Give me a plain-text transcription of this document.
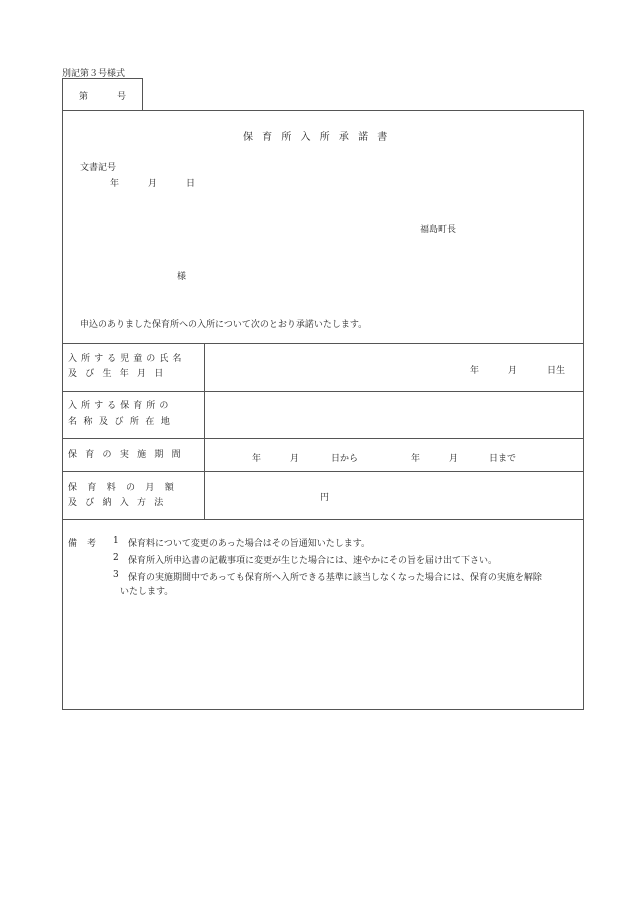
別記第３号様式
第	号
保 育 所 入 所 承 諾 書
文書記号
年	月	日
福島町長
様
申込のありました保育所への入所について次のとおり承諾いたします。
入所する児童の氏名
及 び 生 年 月 日	年	月	日生
入所する保育所の
名称及び所在地
保育の実施期間	年	月	日から	年	月	日まで
保育料の月額
及 び 納 入 方 法	円
備 考 1 保育料について変更のあった場合はその旨通知いたします。
2 保育所入所申込書の記載事項に変更が生じた場合には、速やかにその旨を届け出て下さい。
3 保育の実施期間中であっても保育所へ入所できる基準に該当しなくなった場合には、保育の実施を解除
いたします。
